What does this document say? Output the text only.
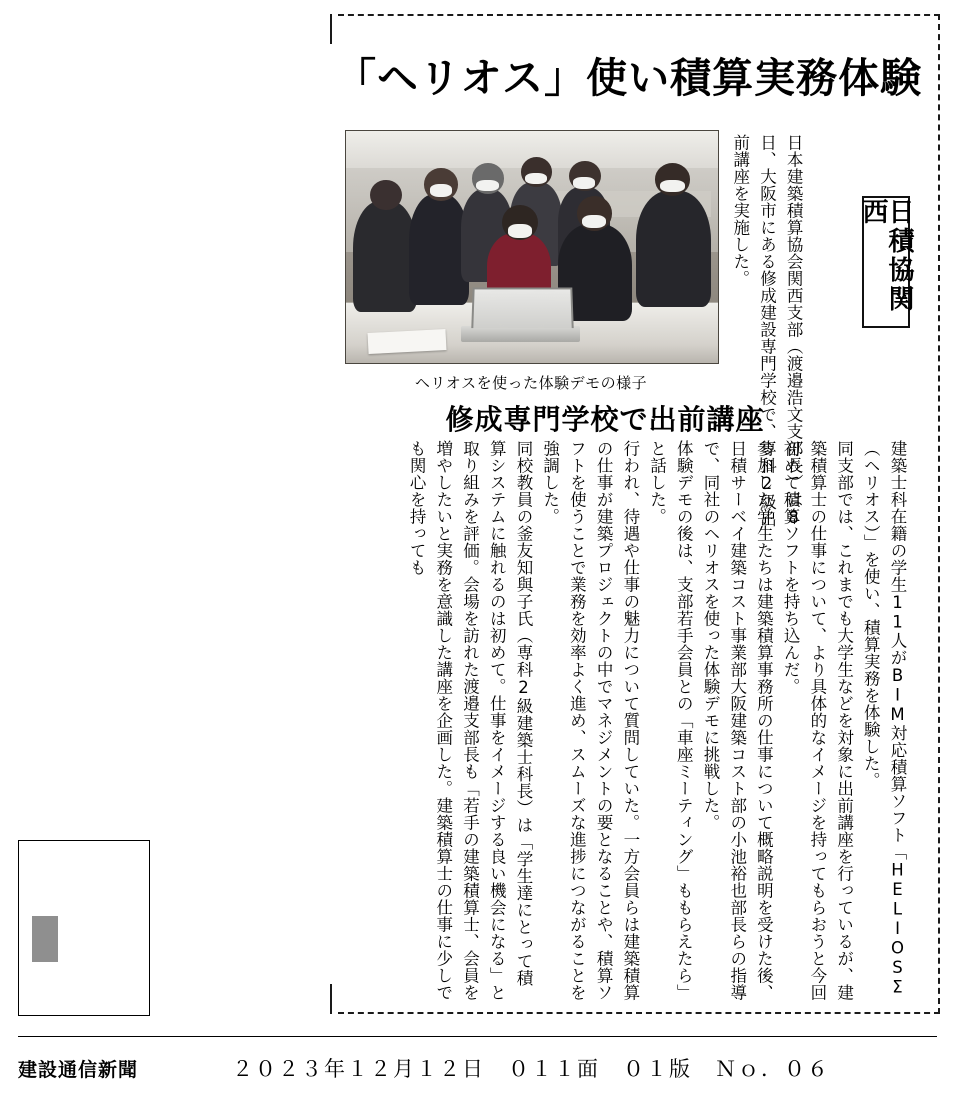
「ヘリオス」使い積算実務体験
日積協関西
ヘリオスを使った体験デモの様子	日本建築積算協会関西支部（渡邉浩文支部長）は8日、大阪市にある修成建設専門学校で、専科2級出前講座を実施した。
修成専門学校で出前講座
建築士科在籍の学生11人がBIM対応積算ソフト「HELIOSΣ（ヘリオス）」を使い、積算実務を体験した。
同支部では、これまでも大学生などを対象に出前講座を行っているが、建築積算士の仕事について、より具体的なイメージを持ってもらおうと今回初めて積算ソフトを持ち込んだ。
参加した学生たちは建築積算事務所の仕事について概略説明を受けた後、日積サーベイ建築コスト事業部大阪建築コスト部の小池裕也部長らの指導で、同社のヘリオスを使った体験デモに挑戦した。
体験デモの後は、支部若手会員との「車座ミーティング」ももらえたら」と話した。
行われ、待遇や仕事の魅力について質問していた。一方会員らは建築積算の仕事が建築プロジェクトの中でマネジメントの要となることや、積算ソフトを使うことで業務を効率よく進め、スムーズな進捗につながることを強調した。
同校教員の釜友知與子氏（専科2級建築士科長）は「学生達にとって積算システムに触れるのは初めて。仕事をイメージする良い機会になる」と取り組みを評価。会場を訪れた渡邉支部長も「若手の建築積算士、会員を増やしたいと実務を意識した講座を企画した。建築積算士の仕事に少しでも関心を持っても
建設通信新聞	２０２３年１２月１２日　０１１面　０１版　Ｎｏ．０６
